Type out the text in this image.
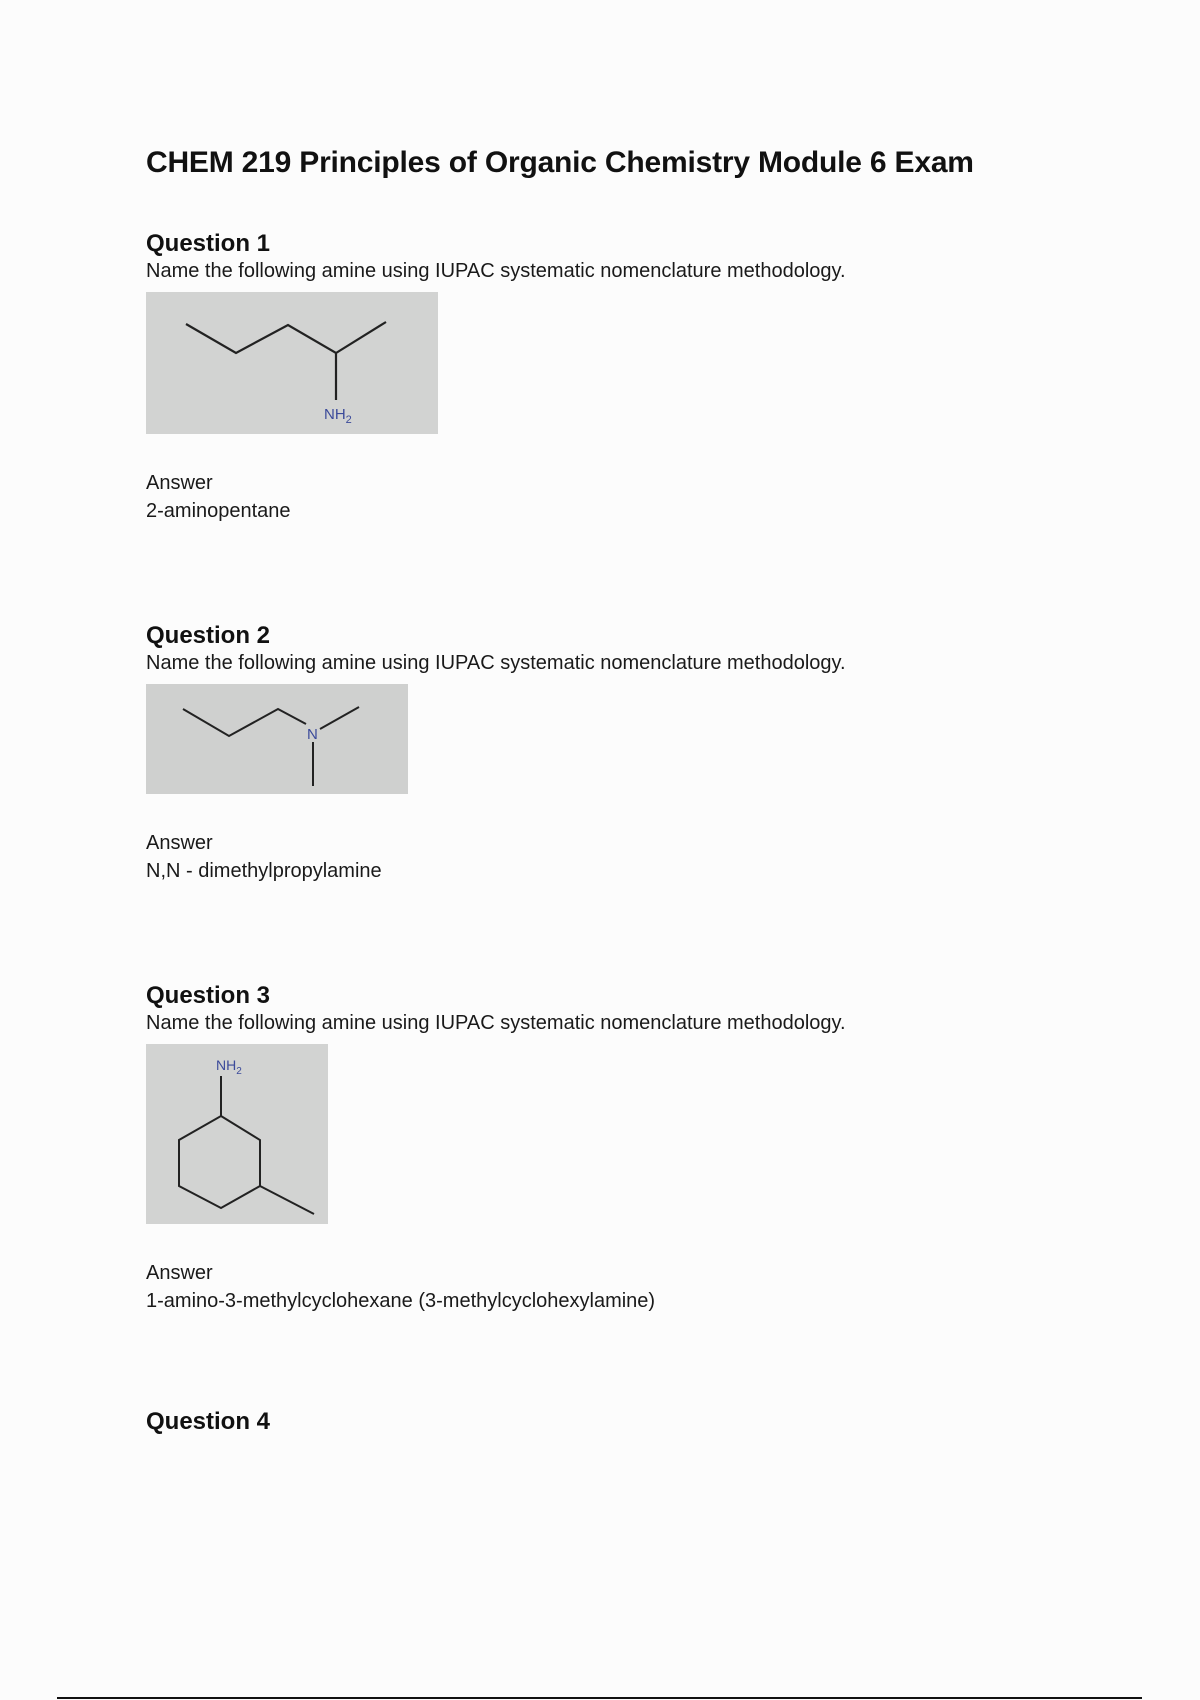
CHEM 219 Principles of Organic Chemistry Module 6 Exam

Question 1

Name the following amine using IUPAC systematic nomenclature methodology.

$NH_2$

Answer

2-aminopentane

Question 2

Name the following amine using IUPAC systematic nomenclature methodology.

N

Answer

N,N - dimethylpropylamine

Question 3

Name the following amine using IUPAC systematic nomenclature methodology.

$NH_2$

Answer

1-amino-3-methylcyclohexane (3-methylcyclohexylamine)

Question 4
